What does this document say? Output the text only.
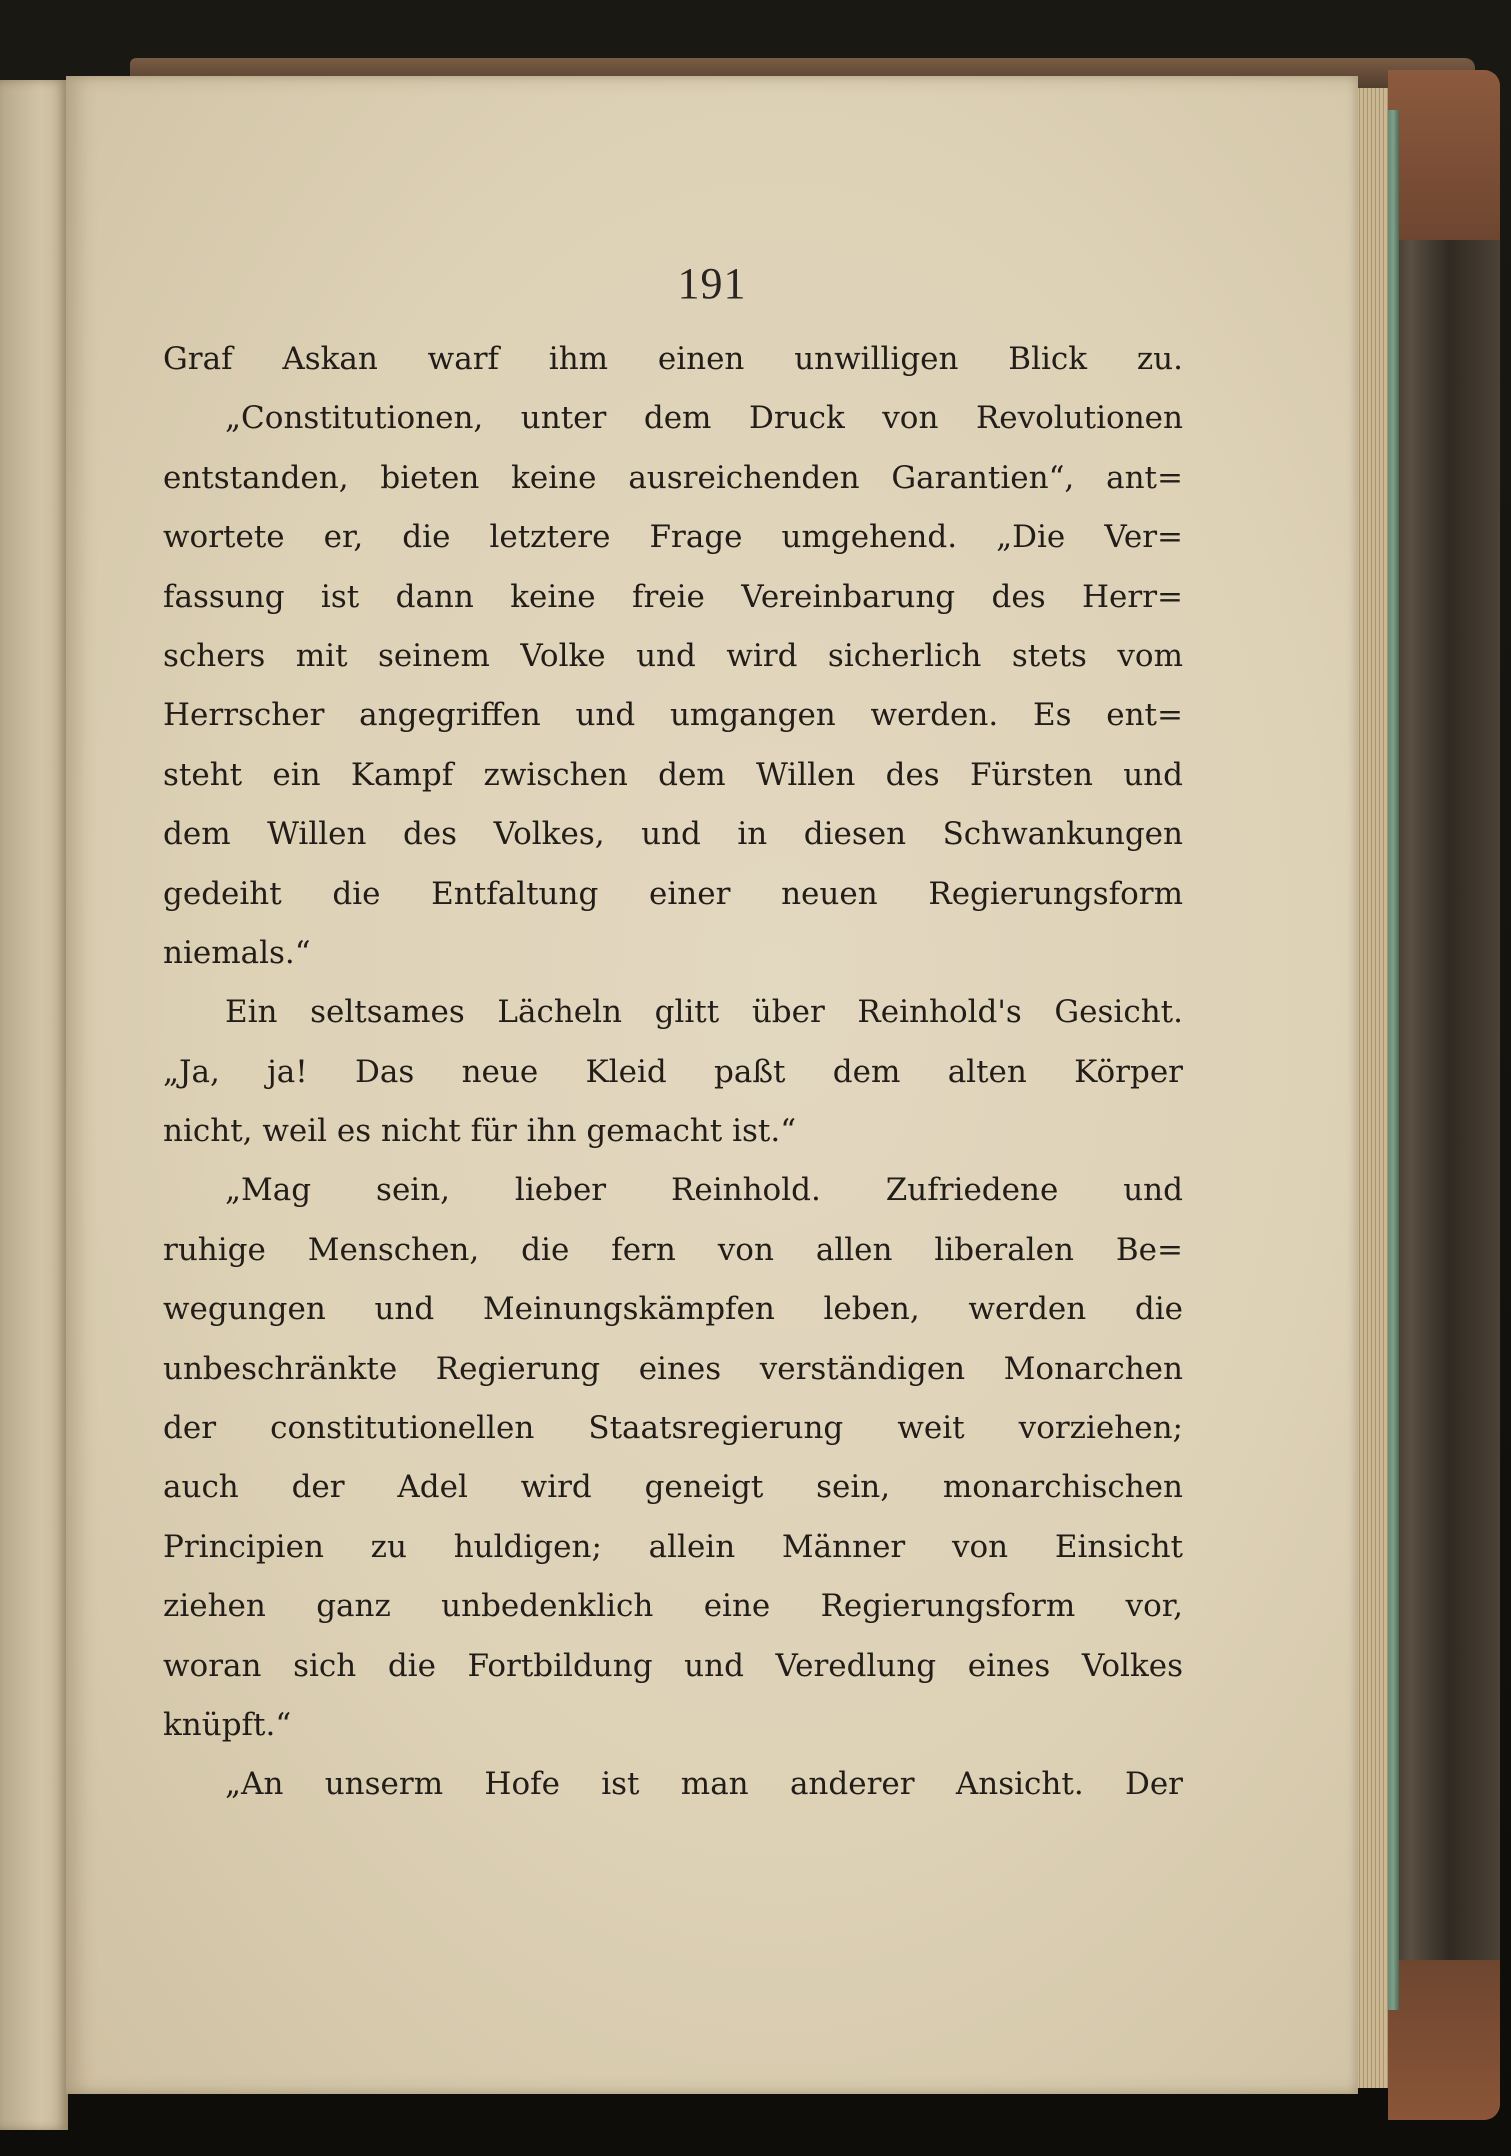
191
Graf Askan warf ihm einen unwilligen Blick zu.
„Constitutionen, unter dem Druck von Revolutionen
entstanden, bieten keine ausreichenden Garantien“, ant=
wortete er, die letztere Frage umgehend. „Die Ver=
fassung ist dann keine freie Vereinbarung des Herr=
schers mit seinem Volke und wird sicherlich stets vom
Herrscher angegriffen und umgangen werden. Es ent=
steht ein Kampf zwischen dem Willen des Fürsten und
dem Willen des Volkes, und in diesen Schwankungen
gedeiht die Entfaltung einer neuen Regierungsform
niemals.“
Ein seltsames Lächeln glitt über Reinhold's Gesicht.
„Ja, ja! Das neue Kleid paßt dem alten Körper
nicht, weil es nicht für ihn gemacht ist.“
„Mag sein, lieber Reinhold. Zufriedene und
ruhige Menschen, die fern von allen liberalen Be=
wegungen und Meinungskämpfen leben, werden die
unbeschränkte Regierung eines verständigen Monarchen
der constitutionellen Staatsregierung weit vorziehen;
auch der Adel wird geneigt sein, monarchischen
Principien zu huldigen; allein Männer von Einsicht
ziehen ganz unbedenklich eine Regierungsform vor,
woran sich die Fortbildung und Veredlung eines Volkes
knüpft.“
„An unserm Hofe ist man anderer Ansicht. Der
